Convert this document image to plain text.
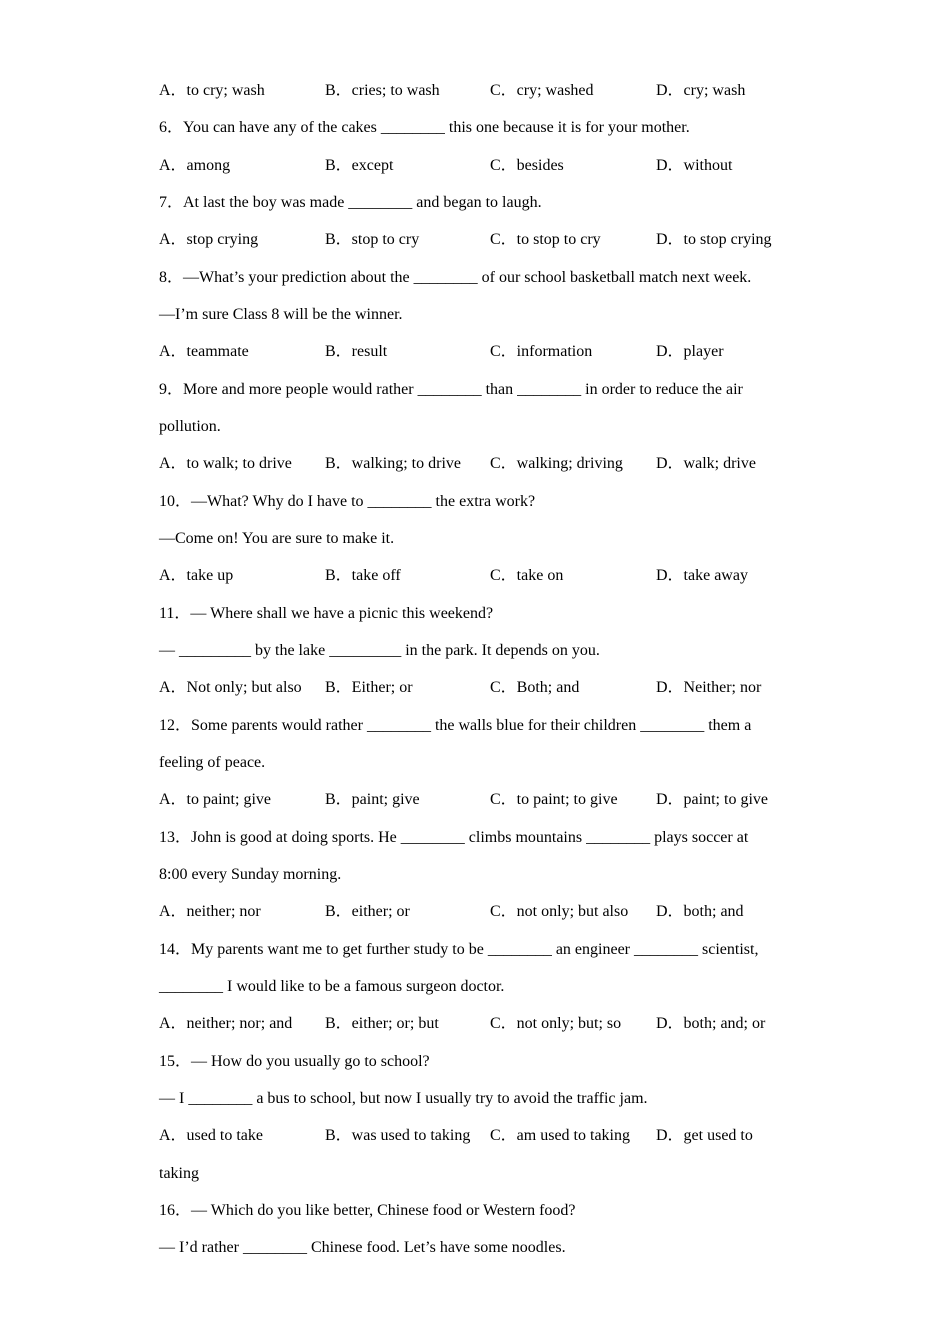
A．to cry; wash	B．cries; to wash	C．cry; washed	D．cry; wash
6．You can have any of the cakes ________ this one because it is for your mother.
A．among	B．except	C．besides	D．without
7．At last the boy was made ________ and began to laugh.
A．stop crying	B．stop to cry	C．to stop to cry	D．to stop crying
8．—What’s your prediction about the ________ of our school basketball match next week.
—I’m sure Class 8 will be the winner.
A．teammate	B．result	C．information	D．player
9．More and more people would rather ________ than ________ in order to reduce the air
pollution.
A．to walk; to drive B．walking; to drive C．walking; driving D．walk; drive
10．—What? Why do I have to ________ the extra work?
—Come on! You are sure to make it.
A．take up	B．take off	C．take on	D．take away
11．— Where shall we have a picnic this weekend?
— _________ by the lake _________ in the park. It depends on you.
A．Not only; but also B．Either; or	C．Both; and	D．Neither; nor
12．Some parents would rather ________ the walls blue for their children ________ them a
feeling of peace.
A．to paint; give	B．paint; give	C．to paint; to give D．paint; to give
13．John is good at doing sports. He ________ climbs mountains ________ plays soccer at
8:00 every Sunday morning.
A．neither; nor	B．either; or	C．not only; but also D．both; and
14．My parents want me to get further study to be ________ an engineer ________ scientist,
________ I would like to be a famous surgeon doctor.
A．neither; nor; and B．either; or; but	C．not only; but; so D．both; and; or
15．— How do you usually go to school?
— I ________ a bus to school, but now I usually try to avoid the traffic jam.
A．used to take	B．was used to taking C．am used to taking D．get used to
taking
16．— Which do you like better, Chinese food or Western food?
— I’d rather ________ Chinese food. Let’s have some noodles.
